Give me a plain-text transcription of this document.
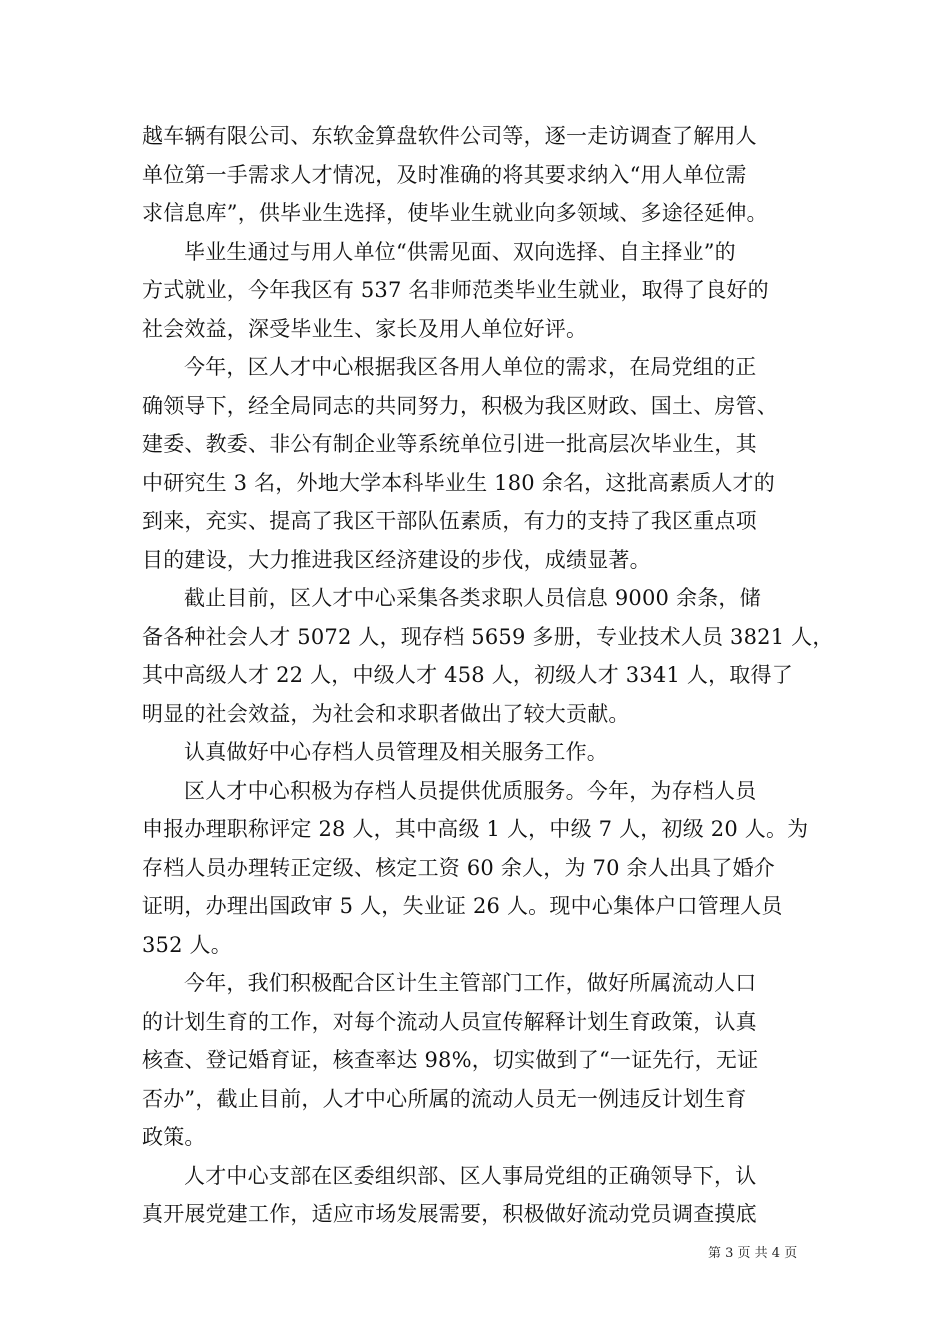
越车辆有限公司、东软金算盘软件公司等，逐一走访调查了解用人
单位第一手需求人才情况，及时准确的将其要求纳入“用人单位需
求信息库”，供毕业生选择，使毕业生就业向多领域、多途径延伸。
毕业生通过与用人单位“供需见面、双向选择、自主择业”的
方式就业，今年我区有 537 名非师范类毕业生就业，取得了良好的
社会效益，深受毕业生、家长及用人单位好评。
今年，区人才中心根据我区各用人单位的需求，在局党组的正
确领导下，经全局同志的共同努力，积极为我区财政、国土、房管、
建委、教委、非公有制企业等系统单位引进一批高层次毕业生，其
中研究生 3 名，外地大学本科毕业生 180 余名，这批高素质人才的
到来，充实、提高了我区干部队伍素质，有力的支持了我区重点项
目的建设，大力推进我区经济建设的步伐，成绩显著。
截止目前，区人才中心采集各类求职人员信息 9000 余条，储
备各种社会人才 5072 人，现存档 5659 多册，专业技术人员 3821 人，
其中高级人才 22 人，中级人才 458 人，初级人才 3341 人，取得了
明显的社会效益，为社会和求职者做出了较大贡献。
认真做好中心存档人员管理及相关服务工作。
区人才中心积极为存档人员提供优质服务。今年，为存档人员
申报办理职称评定 28 人，其中高级 1 人，中级 7 人，初级 20 人。为
存档人员办理转正定级、核定工资 60 余人，为 70 余人出具了婚介
证明，办理出国政审 5 人，失业证 26 人。现中心集体户口管理人员
352 人。
今年，我们积极配合区计生主管部门工作，做好所属流动人口
的计划生育的工作，对每个流动人员宣传解释计划生育政策，认真
核查、登记婚育证，核查率达 98%，切实做到了“一证先行，无证
否办”，截止目前，人才中心所属的流动人员无一例违反计划生育
政策。
人才中心支部在区委组织部、区人事局党组的正确领导下，认
真开展党建工作，适应市场发展需要，积极做好流动党员调查摸底
第 3 页 共 4 页
